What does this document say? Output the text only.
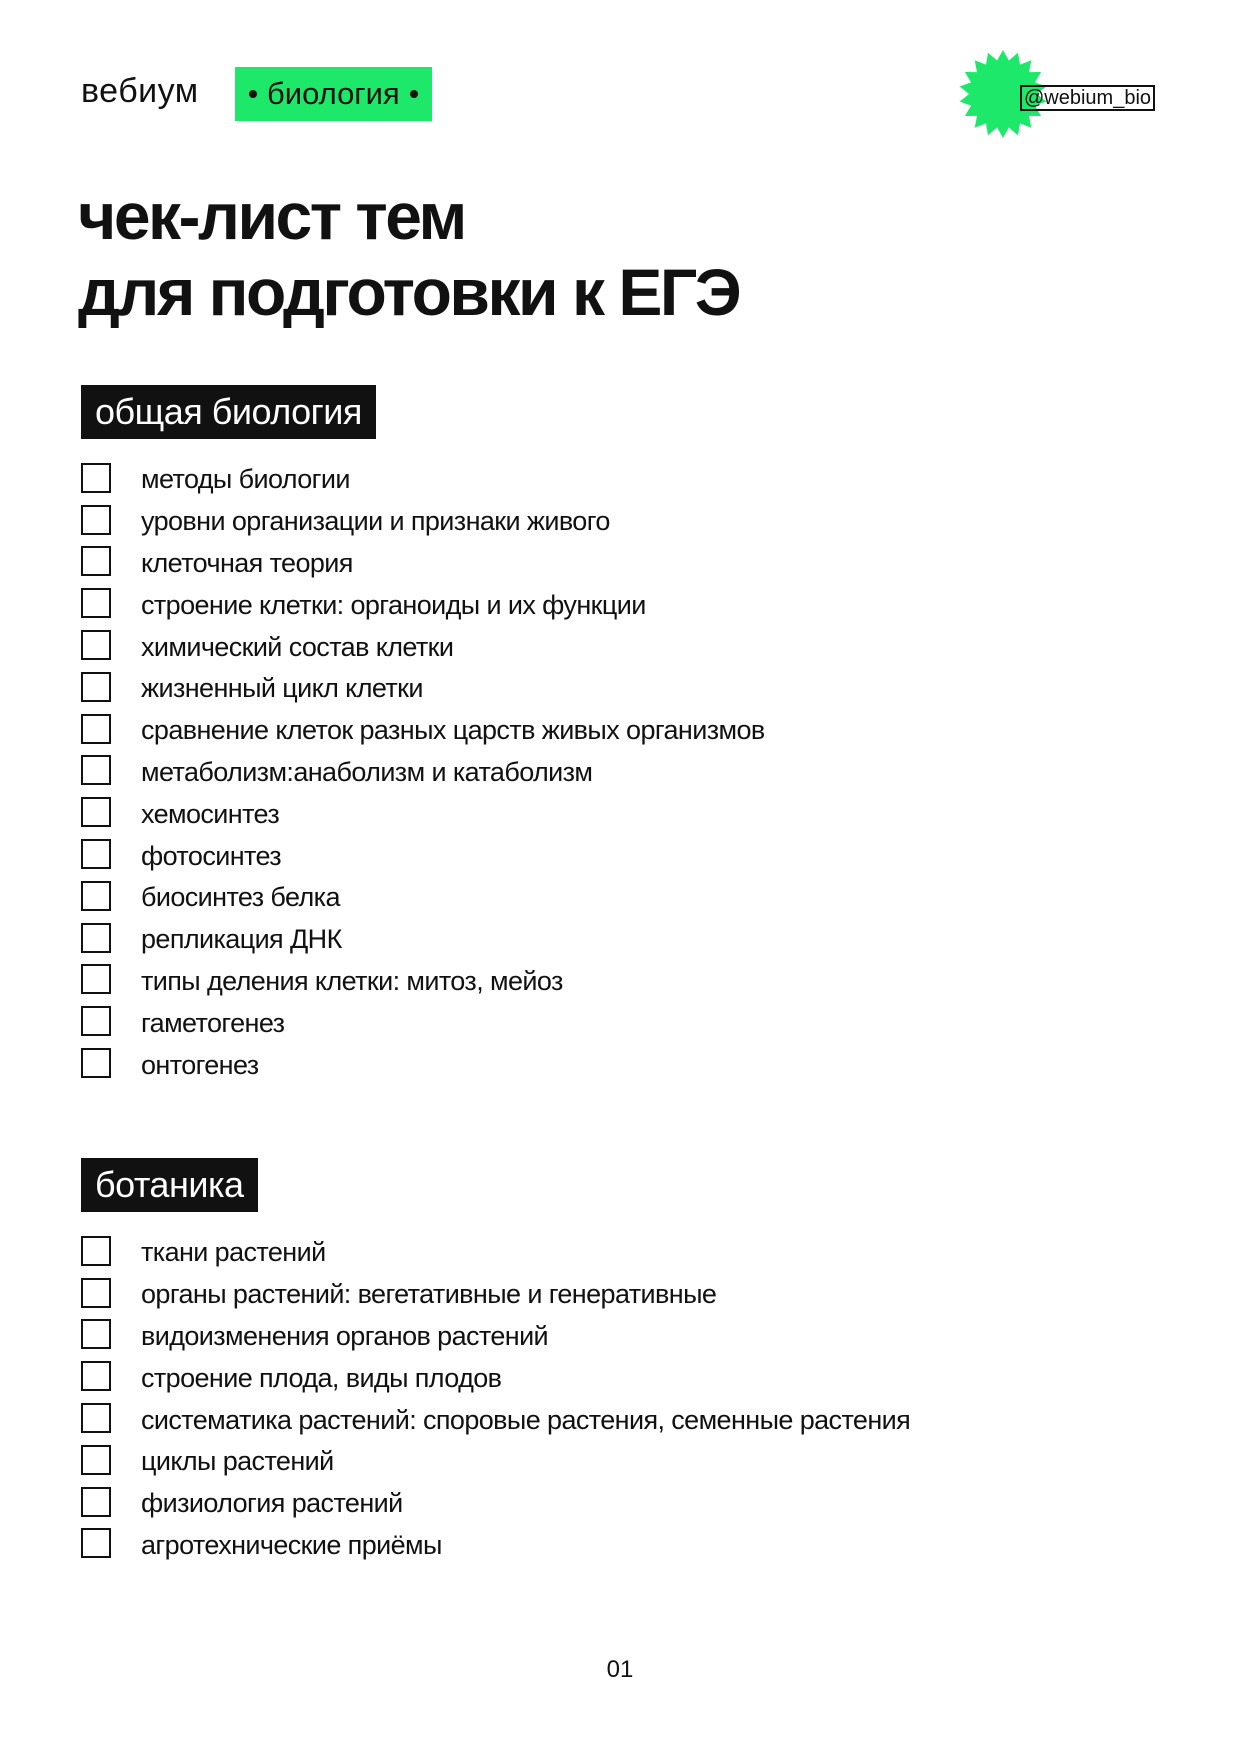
вебиум биология	@webium_bio
чек-лист тем
для подготовки к ЕГЭ
общая биология
методы биологии
уровни организации и признаки живого
клеточная теория
строение клетки: органоиды и их функции
химический состав клетки
жизненный цикл клетки
сравнение клеток разных царств живых организмов
метаболизм:анаболизм и катаболизм
хемосинтез
фотосинтез
биосинтез белка
репликация ДНК
типы деления клетки: митоз, мейоз
гаметогенез
онтогенез
ботаника
ткани растений
органы растений: вегетативные и генеративные
видоизменения органов растений
строение плода, виды плодов
систематика растений: споровые растения, семенные растения
циклы растений
физиология растений
агротехнические приёмы
01
